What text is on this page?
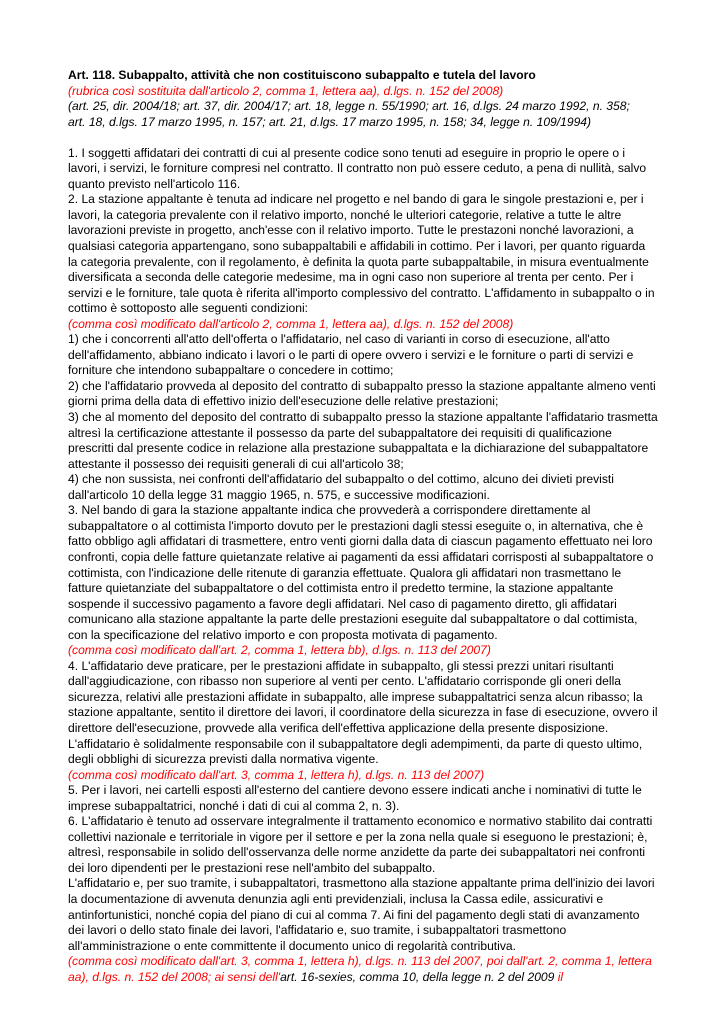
Art. 118. Subappalto, attività che non costituiscono subappalto e tutela del lavoro

(rubrica così sostituita dall'articolo 2, comma 1, lettera aa), d.lgs. n. 152 del 2008)

(art. 25, dir. 2004/18; art. 37, dir. 2004/17; art. 18, legge n. 55/1990; art. 16, d.lgs. 24 marzo 1992, n. 358;

art. 18, d.lgs. 17 marzo 1995, n. 157; art. 21, d.lgs. 17 marzo 1995, n. 158; 34, legge n. 109/1994)

1. I soggetti affidatari dei contratti di cui al presente codice sono tenuti ad eseguire in proprio le opere o i lavori, i servizi, le forniture compresi nel contratto. Il contratto non può essere ceduto, a pena di nullità, salvo quanto previsto nell'articolo 116.

2. La stazione appaltante è tenuta ad indicare nel progetto e nel bando di gara le singole prestazioni e, per i lavori, la categoria prevalente con il relativo importo, nonché le ulteriori categorie, relative a tutte le altre lavorazioni previste in progetto, anch'esse con il relativo importo. Tutte le prestazoni nonché lavorazioni, a qualsiasi categoria appartengano, sono subappaltabili e affidabili in cottimo. Per i lavori, per quanto riguarda la categoria prevalente, con il regolamento, è definita la quota parte subappaltabile, in misura eventualmente diversificata a seconda delle categorie medesime, ma in ogni caso non superiore al trenta per cento. Per i servizi e le forniture, tale quota è riferita all'importo complessivo del contratto. L'affidamento in subappalto o in cottimo è sottoposto alle seguenti condizioni:

(comma così modificato dall'articolo 2, comma 1, lettera aa), d.lgs. n. 152 del 2008)

1) che i concorrenti all'atto dell'offerta o l'affidatario, nel caso di varianti in corso di esecuzione, all'atto dell'affidamento, abbiano indicato i lavori o le parti di opere ovvero i servizi e le forniture o parti di servizi e forniture che intendono subappaltare o concedere in cottimo;

2) che l'affidatario provveda al deposito del contratto di subappalto presso la stazione appaltante almeno venti giorni prima della data di effettivo inizio dell'esecuzione delle relative prestazioni;

3) che al momento del deposito del contratto di subappalto presso la stazione appaltante l'affidatario trasmetta altresì la certificazione attestante il possesso da parte del subappaltatore dei requisiti di qualificazione prescritti dal presente codice in relazione alla prestazione subappaltata e la dichiarazione del subappaltatore attestante il possesso dei requisiti generali di cui all'articolo 38;

4) che non sussista, nei confronti dell'affidatario del subappalto o del cottimo, alcuno dei divieti previsti dall'articolo 10 della legge 31 maggio 1965, n. 575, e successive modificazioni.

3. Nel bando di gara la stazione appaltante indica che provvederà a corrispondere direttamente al subappaltatore o al cottimista l'importo dovuto per le prestazioni dagli stessi eseguite o, in alternativa, che è fatto obbligo agli affidatari di trasmettere, entro venti giorni dalla data di ciascun pagamento effettuato nei loro confronti, copia delle fatture quietanzate relative ai pagamenti da essi affidatari corrisposti al subappaltatore o cottimista, con l'indicazione delle ritenute di garanzia effettuate. Qualora gli affidatari non trasmettano le fatture quietanziate del subappaltatore o del cottimista entro il predetto termine, la stazione appaltante sospende il successivo pagamento a favore degli affidatari. Nel caso di pagamento diretto, gli affidatari comunicano alla stazione appaltante la parte delle prestazioni eseguite dal subappaltatore o dal cottimista, con la specificazione del relativo importo e con proposta motivata di pagamento.

(comma così modificato dall'art. 2, comma 1, lettera bb), d.lgs. n. 113 del 2007)

4. L'affidatario deve praticare, per le prestazioni affidate in subappalto, gli stessi prezzi unitari risultanti dall'aggiudicazione, con ribasso non superiore al venti per cento. L'affidatario corrisponde gli oneri della sicurezza, relativi alle prestazioni affidate in subappalto, alle imprese subappaltatrici senza alcun ribasso; la stazione appaltante, sentito il direttore dei lavori, il coordinatore della sicurezza in fase di esecuzione, ovvero il direttore dell'esecuzione, provvede alla verifica dell'effettiva applicazione della presente disposizione.

L'affidatario è solidalmente responsabile con il subappaltatore degli adempimenti, da parte di questo ultimo, degli obblighi di sicurezza previsti dalla normativa vigente.

(comma così modificato dall'art. 3, comma 1, lettera h), d.lgs. n. 113 del 2007)

5. Per i lavori, nei cartelli esposti all'esterno del cantiere devono essere indicati anche i nominativi di tutte le imprese subappaltatrici, nonché i dati di cui al comma 2, n. 3).

6. L'affidatario è tenuto ad osservare integralmente il trattamento economico e normativo stabilito dai contratti collettivi nazionale e territoriale in vigore per il settore e per la zona nella quale si eseguono le prestazioni; è, altresì, responsabile in solido dell'osservanza delle norme anzidette da parte dei subappaltatori nei confronti dei loro dipendenti per le prestazioni rese nell'ambito del subappalto.

L'affidatario e, per suo tramite, i subappaltatori, trasmettono alla stazione appaltante prima dell'inizio dei lavori la documentazione di avvenuta denunzia agli enti previdenziali, inclusa la Cassa edile, assicurativi e antinfortunistici, nonché copia del piano di cui al comma 7. Ai fini del pagamento degli stati di avanzamento dei lavori o dello stato finale dei lavori, l'affidatario e, suo tramite, i subappaltatori trasmettono all'amministrazione o ente committente il documento unico di regolarità contributiva.

(comma così modificato dall'art. 3, comma 1, lettera h), d.lgs. n. 113 del 2007, poi dall'art. 2, comma 1, lettera aa), d.lgs. n. 152 del 2008; ai sensi dell'art. 16-sexies, comma 10, della legge n. 2 del 2009 il
